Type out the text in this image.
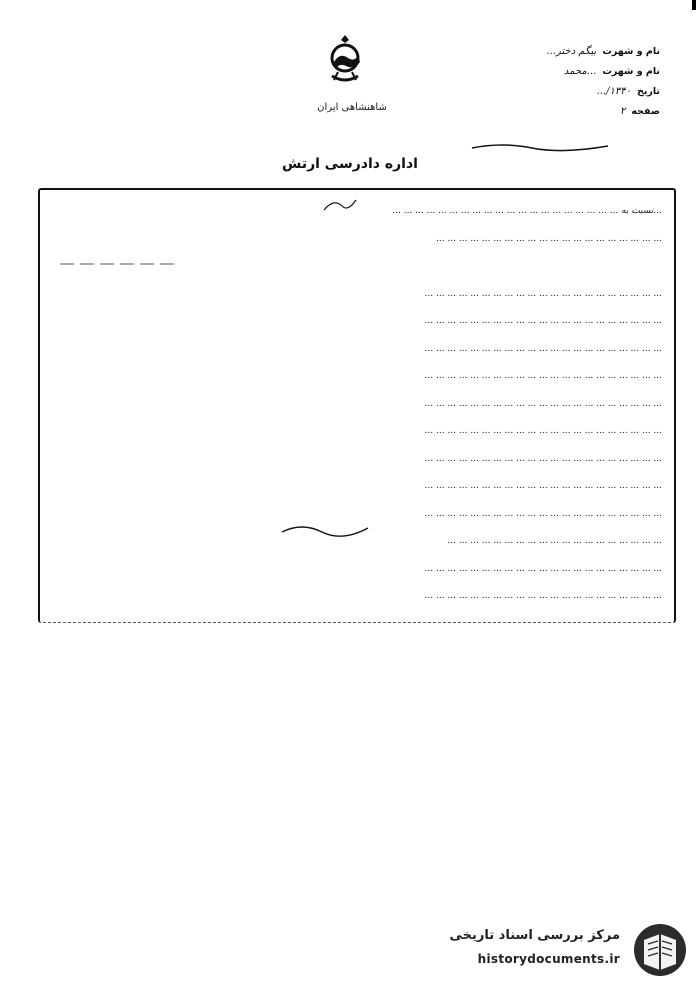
شاهنشاهی ایران
نام و شهرت
بیگم دختر...
نام و شهرت
...محمد
تاریخ
۱۳۴۰/...
صفحه
۲
اداره دادرسی ارتش
...نسبت به ... ... ... ... ... ... ... ... ... ... ... ... ... ... ... ... ... ... ... ...
... ... ... ... ... ... ... ... ... ... ... ... ... ... ... ... ... ... ... ...
... ... ... ... ... ... ... ... ... ... ... ... ... ... ... ... ... ... ... ... ...
... ... ... ... ... ... ... ... ... ... ... ... ... ... ... ... ... ... ... ... ...
... ... ... ... ... ... ... ... ... ... ... ... ... ... ... ... ... ... ... ... ...
... ... ... ... ... ... ... ... ... ... ... ... ... ... ... ... ... ... ... ... ...
... ... ... ... ... ... ... ... ... ... ... ... ... ... ... ... ... ... ... ... ...
... ... ... ... ... ... ... ... ... ... ... ... ... ... ... ... ... ... ... ... ...
... ... ... ... ... ... ... ... ... ... ... ... ... ... ... ... ... ... ... ... ...
... ... ... ... ... ... ... ... ... ... ... ... ... ... ... ... ... ... ... ... ...
... ... ... ... ... ... ... ... ... ... ... ... ... ... ... ... ... ... ... ... ...
... ... ... ... ... ... ... ... ... ... ... ... ... ... ... ... ... ... ...
... ... ... ... ... ... ... ... ... ... ... ... ... ... ... ... ... ... ... ... ...
... ... ... ... ... ... ... ... ... ... ... ... ... ... ... ... ... ... ... ... ...
مرکز بررسی اسناد تاریخی
historydocuments.ir
